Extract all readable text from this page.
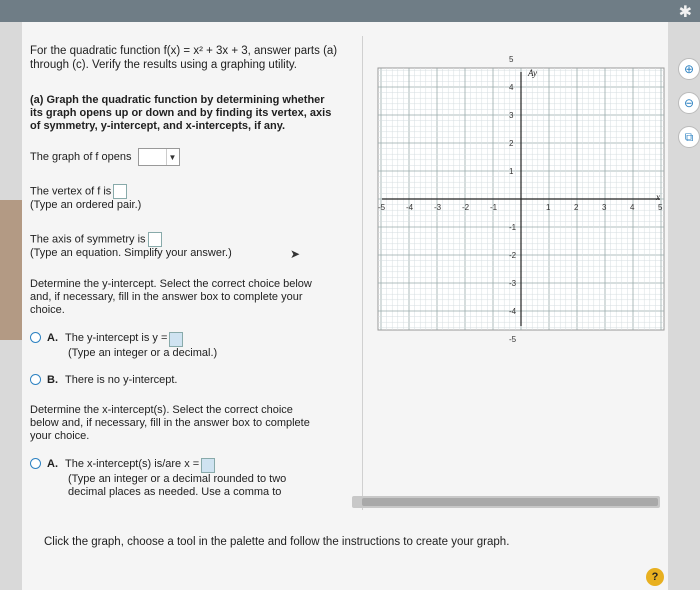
✱
For the quadratic function f(x) = x² + 3x + 3, answer parts (a)
through (c). Verify the results using a graphing utility.
(a) Graph the quadratic function by determining whether
its graph opens up or down and by finding its vertex, axis
of symmetry, y-intercept, and x-intercepts, if any.
The graph of f opens	▼
The vertex of f is
(Type an ordered pair.)
The axis of symmetry is
(Type an equation. Simplify your answer.)
Determine the y-intercept. Select the correct choice below
and, if necessary, fill in the answer box to complete your
choice.
A. The y-intercept is y =
(Type an integer or a decimal.)
B. There is no y-intercept.
Determine the x-intercept(s). Select the correct choice
below and, if necessary, fill in the answer box to complete
your choice.
A. The x-intercept(s) is/are x =
(Type an integer or a decimal rounded to two
decimal places as needed. Use a comma to
➤
-5	-4	-3	-2	-1	1	2	3	4	5
5
4
3
2
1
-1
-2
-3
-4
-5
x
Ay	⊕
⊖
⧉
Click the graph, choose a tool in the palette and follow the instructions to create your graph.
?
